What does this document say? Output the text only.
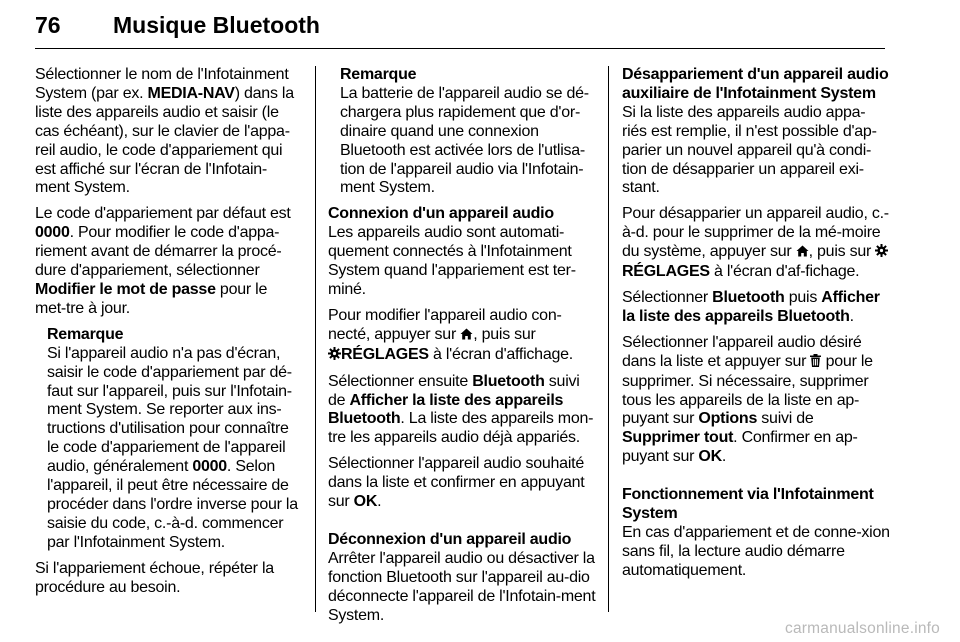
76 Musique Bluetooth

Sélectionner le nom de l'Infotainment System (par ex. MEDIA-NAV) dans la liste des appareils audio et saisir (le cas échéant), sur le clavier de l'appa-reil audio, le code d'appariement qui est affiché sur l'écran de l'Infotain-ment System.

Le code d'appariement par défaut est 0000. Pour modifier le code d'appa-riement avant de démarrer la procé-dure d'appariement, sélectionner Modifier le mot de passe pour le met-tre à jour.

Remarque
Si l'appareil audio n'a pas d'écran, saisir le code d'appariement par dé-faut sur l'appareil, puis sur l'Infotain-ment System. Se reporter aux ins-tructions d'utilisation pour connaître le code d'appariement de l'appareil audio, généralement 0000. Selon l'appareil, il peut être nécessaire de procéder dans l'ordre inverse pour la saisie du code, c.-à-d. commencer par l'Infotainment System.

Si l'appariement échoue, répéter la procédure au besoin.

Remarque
La batterie de l'appareil audio se dé-chargera plus rapidement que d'or-dinaire quand une connexion Bluetooth est activée lors de l'utlisa-tion de l'appareil audio via l'Infotain-ment System.
Connexion d'un appareil audio

Les appareils audio sont automati-quement connectés à l'Infotainment System quand l'appariement est ter-miné.

Pour modifier l'appareil audio con-necté, appuyer sur , puis sur
RÉGLAGES à l'écran d'affichage.

Sélectionner ensuite Bluetooth suivi de Afficher la liste des appareils Bluetooth. La liste des appareils mon-tre les appareils audio déjà appariés.

Sélectionner l'appareil audio souhaité dans la liste et confirmer en appuyant sur OK.

Déconnexion d'un appareil audio

Arrêter l'appareil audio ou désactiver la fonction Bluetooth sur l'appareil au-dio déconnecte l'appareil de l'Infotain-ment System.

Désappariement d'un appareil audio auxiliaire de l'Infotainment System

Si la liste des appareils audio appa-riés est remplie, il n'est possible d'ap-parier un nouvel appareil qu'à condi-tion de désapparier un appareil exi-stant.

Pour désapparier un appareil audio, c.-à-d. pour le supprimer de la mé-moire du système, appuyer sur , puis sur RÉGLAGES à l'écran d'af-fichage.

Sélectionner Bluetooth puis Afficher la liste des appareils Bluetooth.

Sélectionner l'appareil audio désiré dans la liste et appuyer sur  pour le supprimer. Si nécessaire, supprimer tous les appareils de la liste en ap-puyant sur Options suivi de Supprimer tout. Confirmer en ap-puyant sur OK.

Fonctionnement via l'Infotainment System

En cas d'appariement et de conne-xion sans fil, la lecture audio démarre automatiquement.

carmanualsonline.info
